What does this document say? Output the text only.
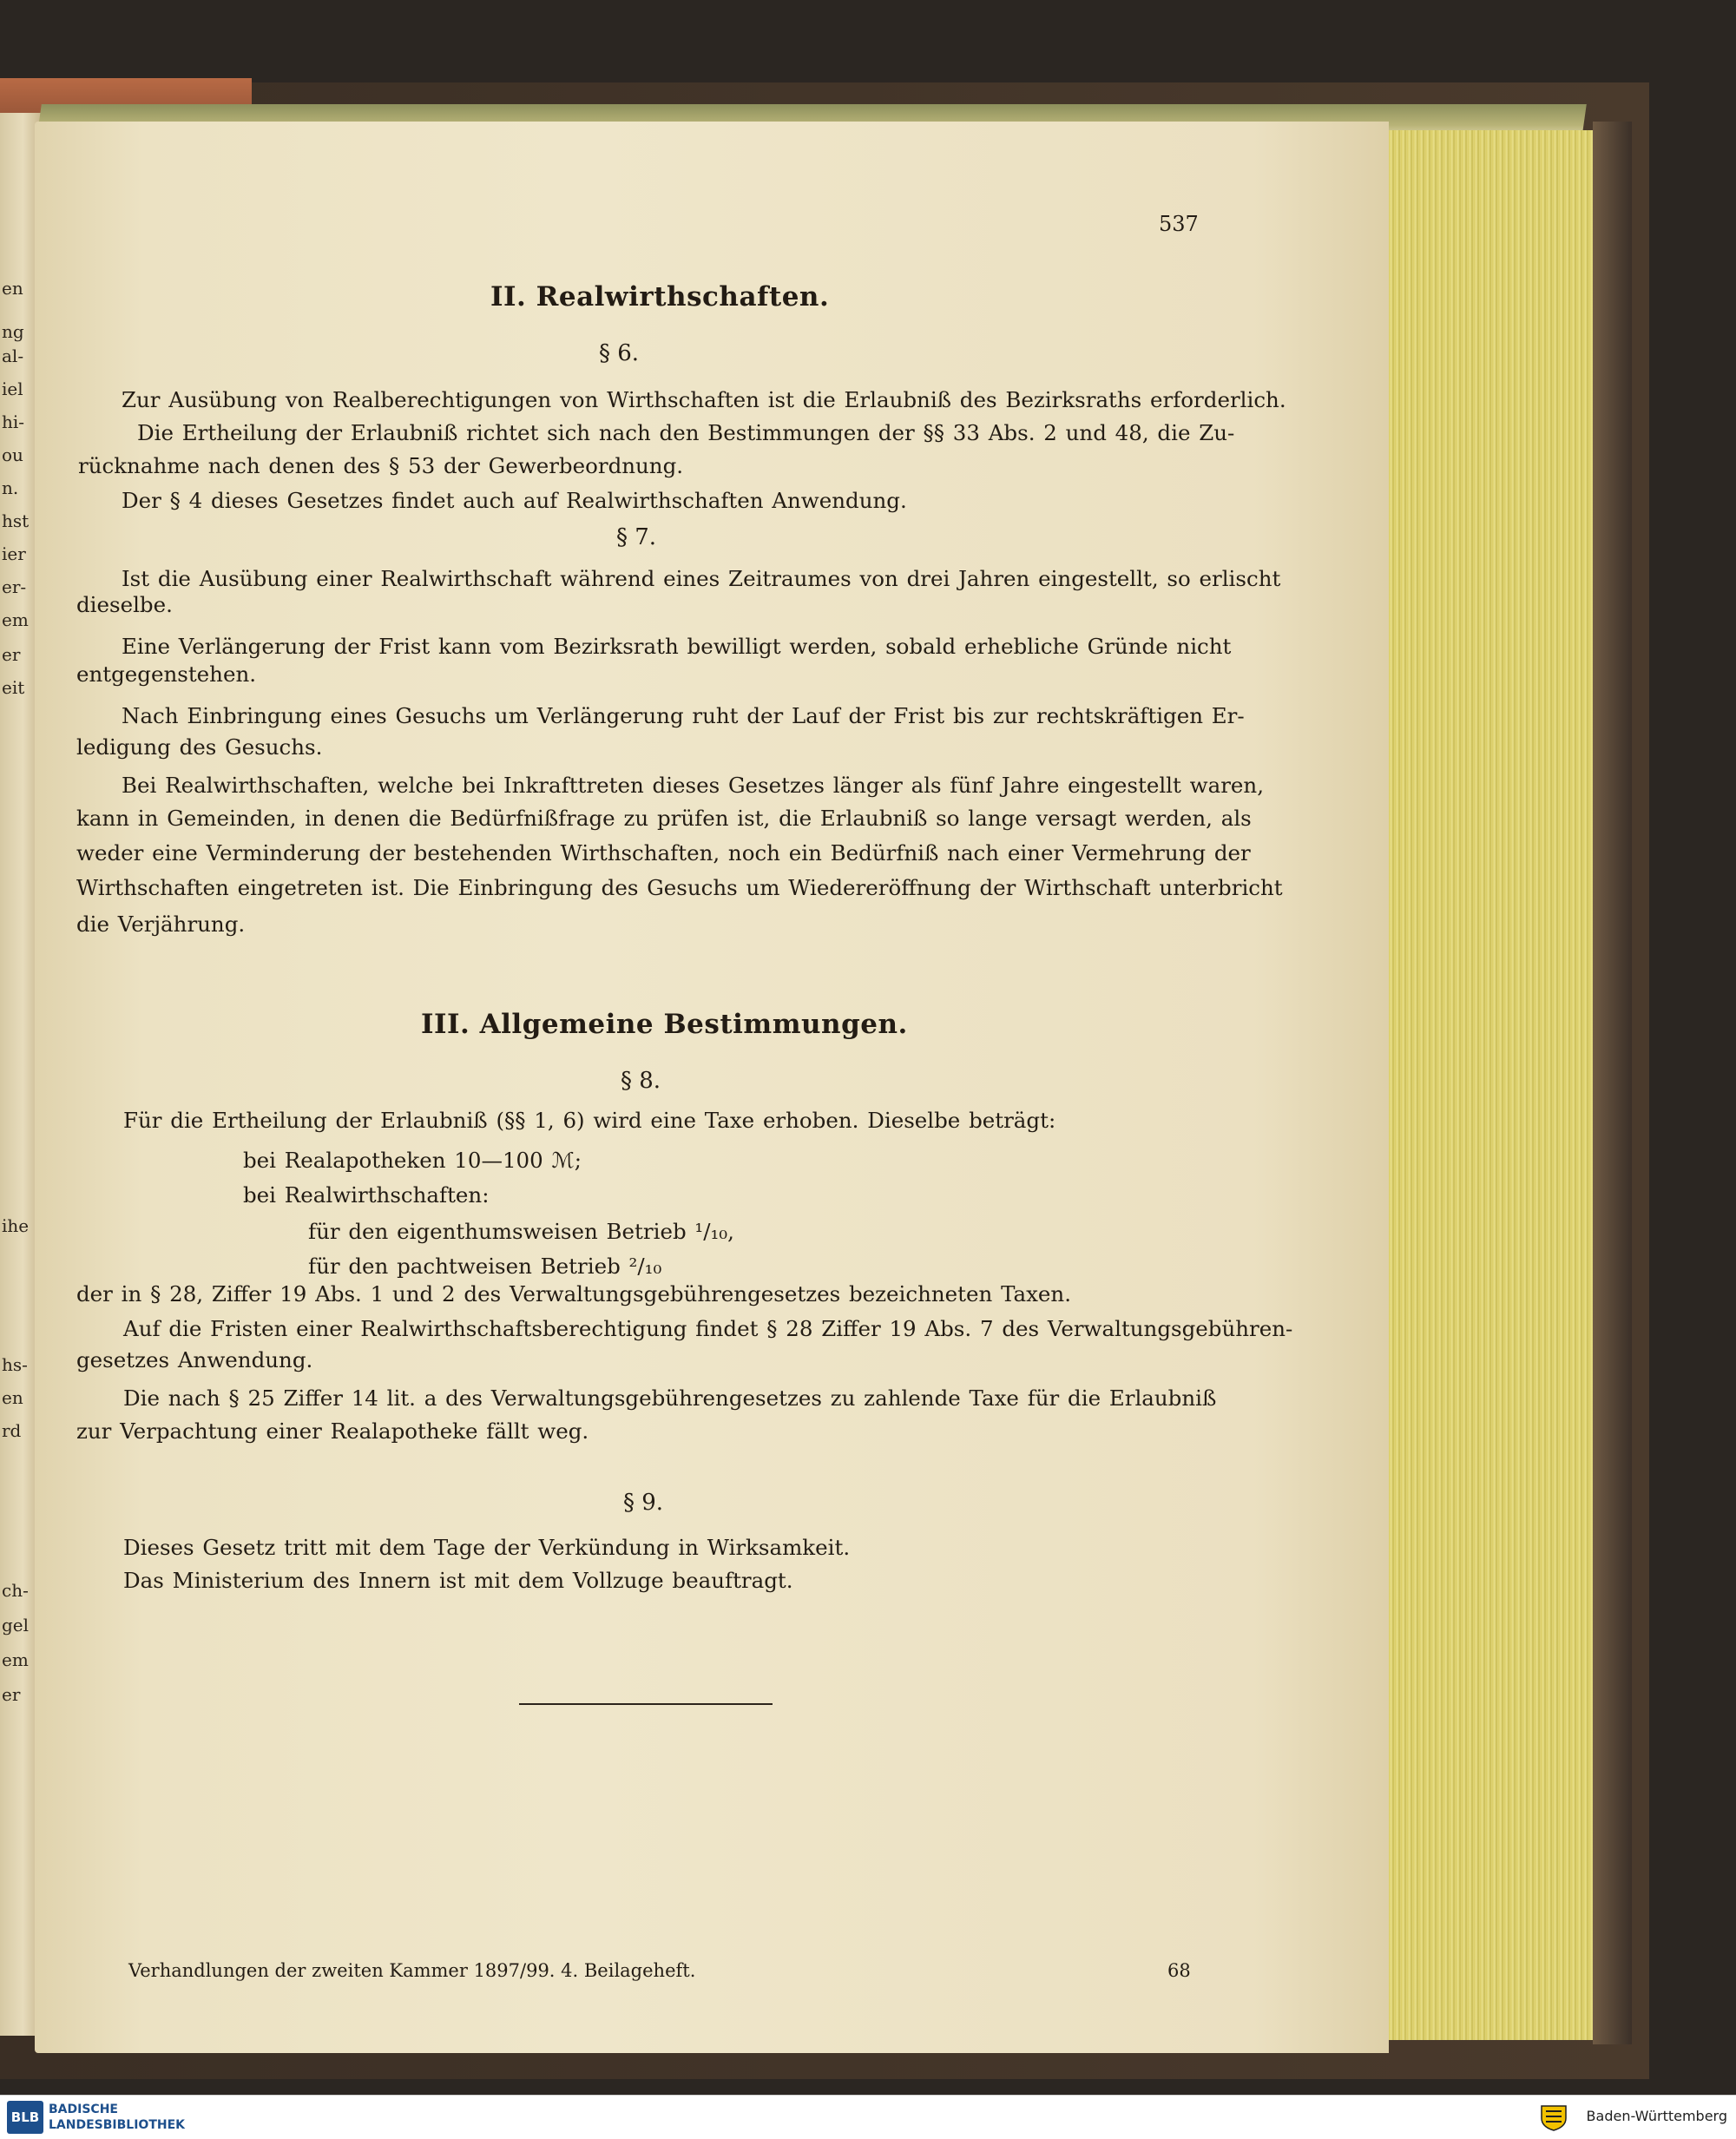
en
ng
al-
iel
hi-
ou
n.
hst
ier
er-
em
er
eit
ihe
hs-
en
rd
ch-
gel
em
er
537
II. Realwirthschaften.
§ 6.
Zur Ausübung von Realberechtigungen von Wirthschaften ist die Erlaubniß des Bezirksraths erforderlich.
Die Ertheilung der Erlaubniß richtet sich nach den Bestimmungen der §§ 33 Abs. 2 und 48, die Zu-
rücknahme nach denen des § 53 der Gewerbeordnung.
Der § 4 dieses Gesetzes findet auch auf Realwirthschaften Anwendung.
§ 7.
Ist die Ausübung einer Realwirthschaft während eines Zeitraumes von drei Jahren eingestellt, so erlischt
dieselbe.
Eine Verlängerung der Frist kann vom Bezirksrath bewilligt werden, sobald erhebliche Gründe nicht
entgegenstehen.
Nach Einbringung eines Gesuchs um Verlängerung ruht der Lauf der Frist bis zur rechtskräftigen Er-
ledigung des Gesuchs.
Bei Realwirthschaften, welche bei Inkrafttreten dieses Gesetzes länger als fünf Jahre eingestellt waren,
kann in Gemeinden, in denen die Bedürfnißfrage zu prüfen ist, die Erlaubniß so lange versagt werden, als
weder eine Verminderung der bestehenden Wirthschaften, noch ein Bedürfniß nach einer Vermehrung der
Wirthschaften eingetreten ist. Die Einbringung des Gesuchs um Wiedereröffnung der Wirthschaft unterbricht
die Verjährung.
III. Allgemeine Bestimmungen.
§ 8.
Für die Ertheilung der Erlaubniß (§§ 1, 6) wird eine Taxe erhoben. Dieselbe beträgt:
bei Realapotheken 10—100 ℳ;
bei Realwirthschaften:
für den eigenthumsweisen Betrieb ¹/₁₀,
für den pachtweisen Betrieb ²/₁₀
der in § 28, Ziffer 19 Abs. 1 und 2 des Verwaltungsgebührengesetzes bezeichneten Taxen.
Auf die Fristen einer Realwirthschaftsberechtigung findet § 28 Ziffer 19 Abs. 7 des Verwaltungsgebühren-
gesetzes Anwendung.
Die nach § 25 Ziffer 14 lit. a des Verwaltungsgebührengesetzes zu zahlende Taxe für die Erlaubniß
zur Verpachtung einer Realapotheke fällt weg.
§ 9.
Dieses Gesetz tritt mit dem Tage der Verkündung in Wirksamkeit.
Das Ministerium des Innern ist mit dem Vollzuge beauftragt.
Verhandlungen der zweiten Kammer 1897/99. 4. Beilageheft.	68
BLB BADISCHE
LANDESBIBLIOTHEK
Baden-Württemberg
